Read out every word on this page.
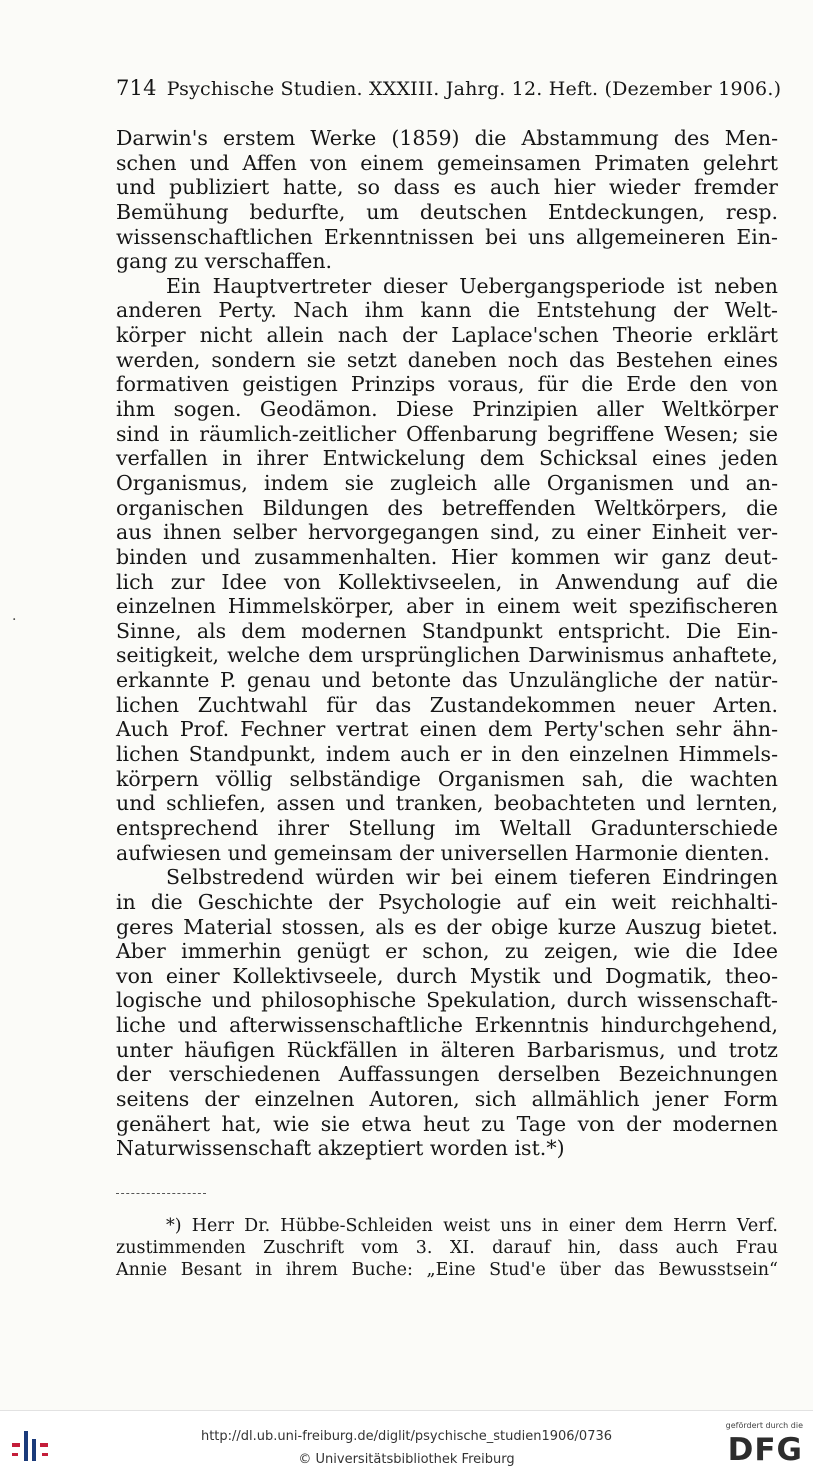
714 Psychische Studien. XXXIII. Jahrg. 12. Heft. (Dezember 1906.)
Darwin's erstem Werke (1859) die Abstammung des Men-
schen und Affen von einem gemeinsamen Primaten gelehrt
und publiziert hatte, so dass es auch hier wieder fremder
Bemühung bedurfte, um deutschen Entdeckungen, resp.
wissenschaftlichen Erkenntnissen bei uns allgemeineren Ein-
gang zu verschaffen.
Ein Hauptvertreter dieser Uebergangsperiode ist neben
anderen Perty. Nach ihm kann die Entstehung der Welt-
körper nicht allein nach der Laplace'schen Theorie erklärt
werden, sondern sie setzt daneben noch das Bestehen eines
formativen geistigen Prinzips voraus, für die Erde den von
ihm sogen. Geodämon. Diese Prinzipien aller Weltkörper
sind in räumlich-zeitlicher Offenbarung begriffene Wesen; sie
verfallen in ihrer Entwickelung dem Schicksal eines jeden
Organismus, indem sie zugleich alle Organismen und an-
organischen Bildungen des betreffenden Weltkörpers, die
aus ihnen selber hervorgegangen sind, zu einer Einheit ver-
binden und zusammenhalten. Hier kommen wir ganz deut-
lich zur Idee von Kollektivseelen, in Anwendung auf die
einzelnen Himmelskörper, aber in einem weit spezifischeren
Sinne, als dem modernen Standpunkt entspricht. Die Ein-
seitigkeit, welche dem ursprünglichen Darwinismus anhaftete,
erkannte P. genau und betonte das Unzulängliche der natür-
lichen Zuchtwahl für das Zustandekommen neuer Arten.
Auch Prof. Fechner vertrat einen dem Perty'schen sehr ähn-
lichen Standpunkt, indem auch er in den einzelnen Himmels-
körpern völlig selbständige Organismen sah, die wachten
und schliefen, assen und tranken, beobachteten und lernten,
entsprechend ihrer Stellung im Weltall Gradunterschiede
aufwiesen und gemeinsam der universellen Harmonie dienten.
Selbstredend würden wir bei einem tieferen Eindringen
in die Geschichte der Psychologie auf ein weit reichhalti-
geres Material stossen, als es der obige kurze Auszug bietet.
Aber immerhin genügt er schon, zu zeigen, wie die Idee
von einer Kollektivseele, durch Mystik und Dogmatik, theo-
logische und philosophische Spekulation, durch wissenschaft-
liche und afterwissenschaftliche Erkenntnis hindurchgehend,
unter häufigen Rückfällen in älteren Barbarismus, und trotz
der verschiedenen Auffassungen derselben Bezeichnungen
seitens der einzelnen Autoren, sich allmählich jener Form
genähert hat, wie sie etwa heut zu Tage von der modernen
Naturwissenschaft akzeptiert worden ist.*)
·
*) Herr Dr. Hübbe-Schleiden weist uns in einer dem Herrn Verf.
zustimmenden Zuschrift vom 3. XI. darauf hin, dass auch Frau
Annie Besant in ihrem Buche: „Eine Stud'e über das Bewusstsein“
http://dl.ub.uni-freiburg.de/diglit/psychische_studien1906/0736
© Universitätsbibliothek Freiburg
gefördert durch die
DFG
